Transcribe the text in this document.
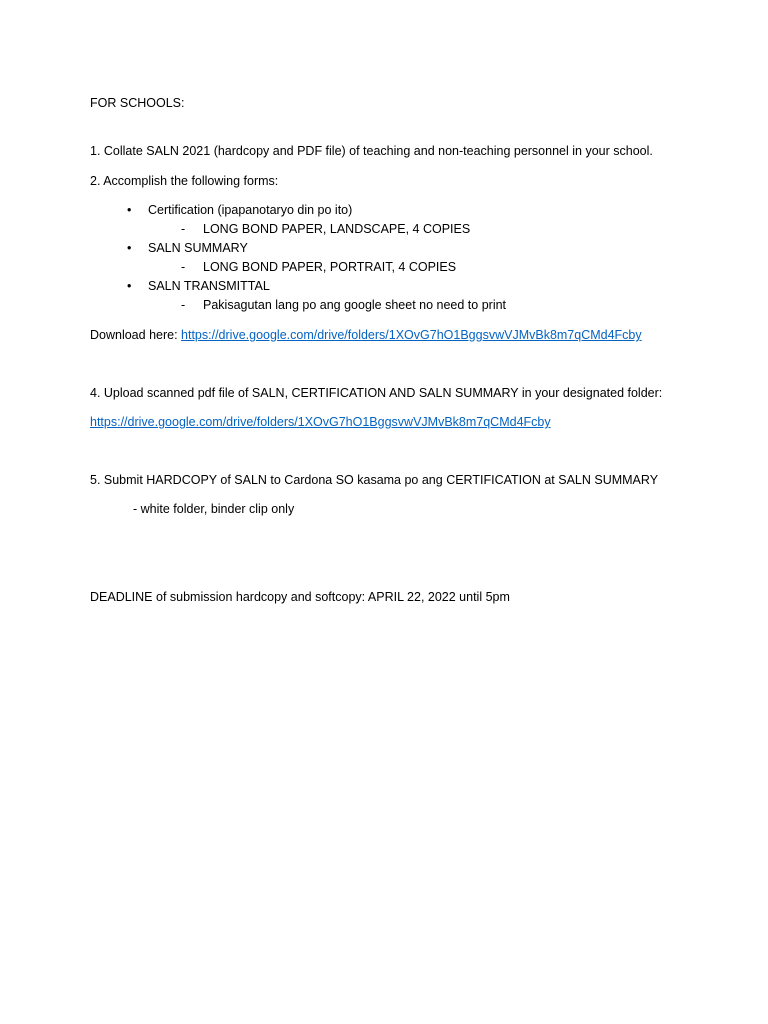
FOR SCHOOLS:
1. Collate SALN 2021 (hardcopy and PDF file) of teaching and non-teaching personnel in your school.
2. Accomplish the following forms:
• Certification (ipapanotaryo din po ito)
- LONG BOND PAPER, LANDSCAPE, 4 COPIES
• SALN SUMMARY
- LONG BOND PAPER, PORTRAIT, 4 COPIES
• SALN TRANSMITTAL
- Pakisagutan lang po ang google sheet no need to print
Download here: https://drive.google.com/drive/folders/1XOvG7hO1BggsvwVJMvBk8m7qCMd4Fcby
4. Upload scanned pdf file of SALN, CERTIFICATION AND SALN SUMMARY in your designated folder:
https://drive.google.com/drive/folders/1XOvG7hO1BggsvwVJMvBk8m7qCMd4Fcby
5. Submit HARDCOPY of SALN to Cardona SO kasama po ang CERTIFICATION at SALN SUMMARY
- white folder, binder clip only
DEADLINE of submission hardcopy and softcopy: APRIL 22, 2022 until 5pm
